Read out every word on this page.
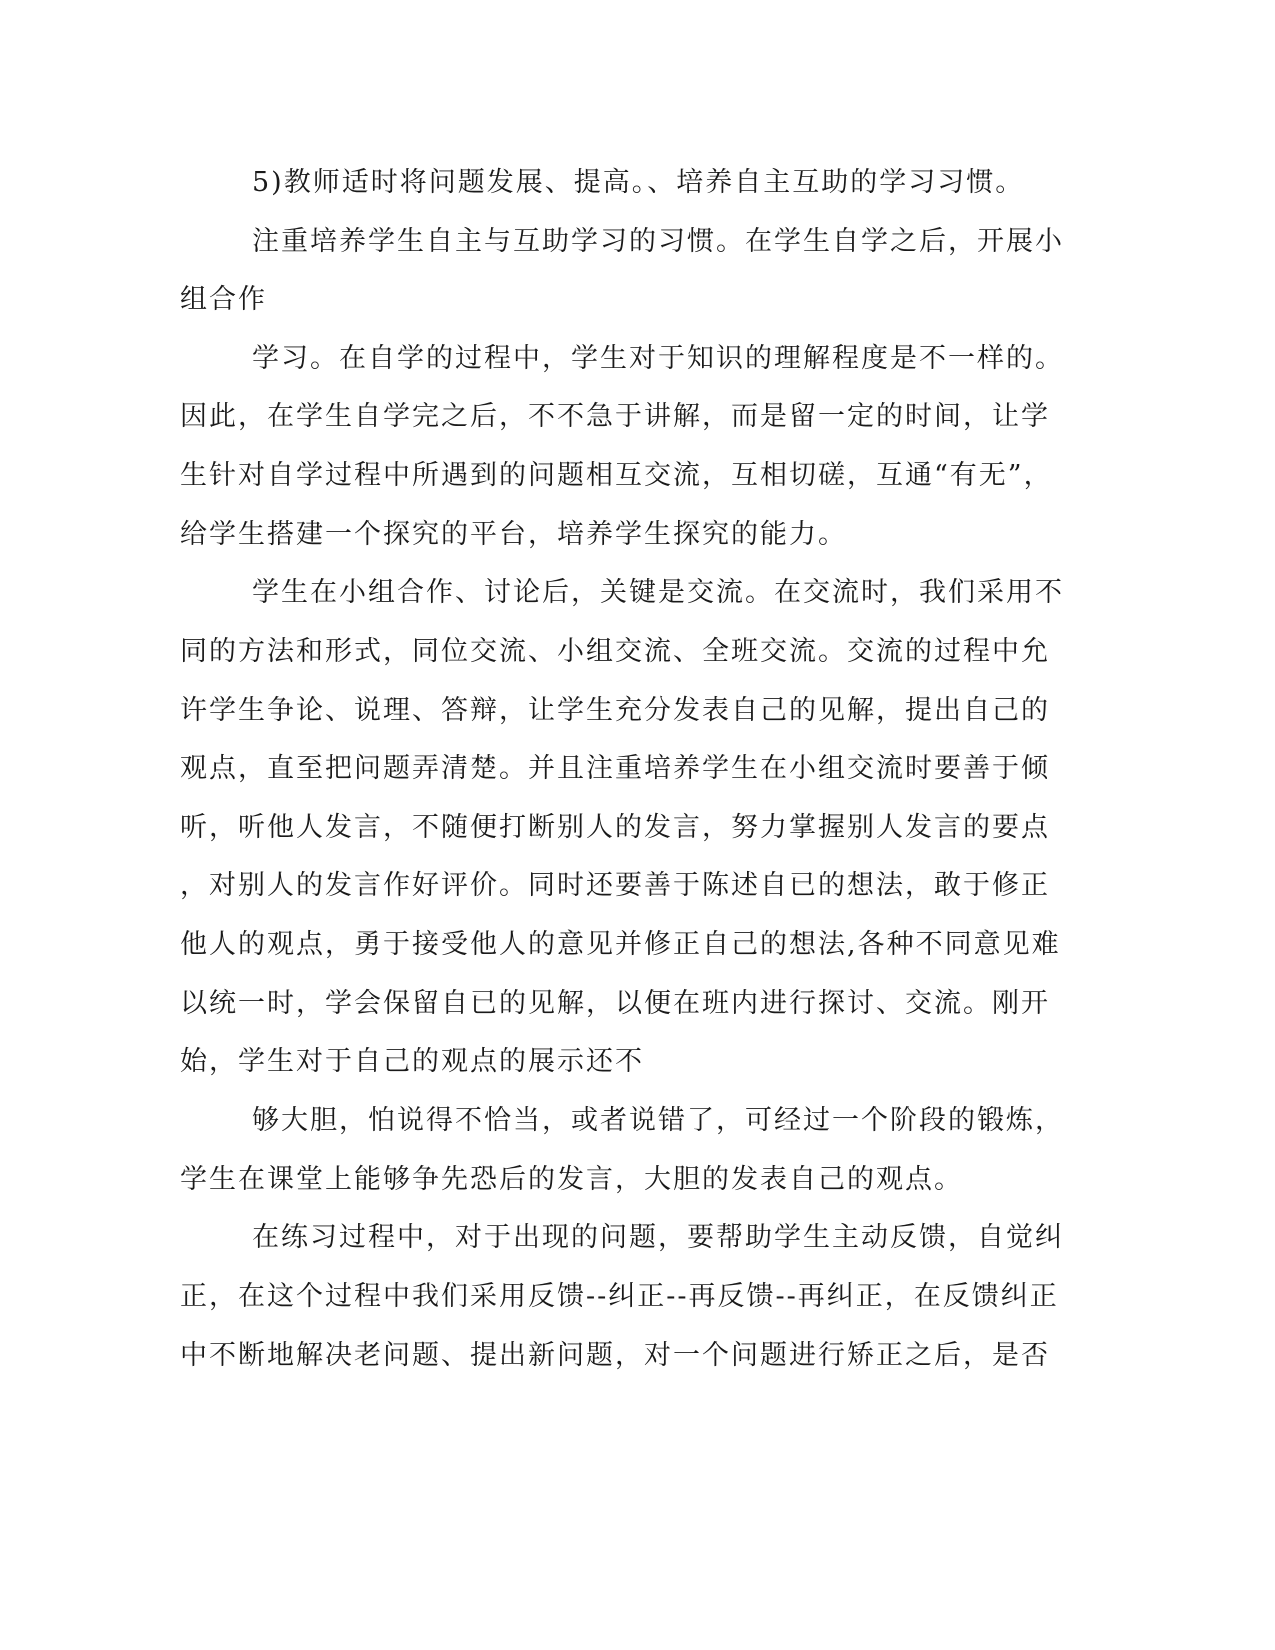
5)教师适时将问题发展、提高。、培养自主互助的学习习惯。
注重培养学生自主与互助学习的习惯。在学生自学之后，开展小
组合作
学习。在自学的过程中，学生对于知识的理解程度是不一样的。
因此，在学生自学完之后，不不急于讲解，而是留一定的时间，让学
生针对自学过程中所遇到的问题相互交流，互相切磋，互通“有无”，
给学生搭建一个探究的平台，培养学生探究的能力。
学生在小组合作、讨论后，关键是交流。在交流时，我们采用不
同的方法和形式，同位交流、小组交流、全班交流。交流的过程中允
许学生争论、说理、答辩，让学生充分发表自己的见解，提出自己的
观点，直至把问题弄清楚。并且注重培养学生在小组交流时要善于倾
听，听他人发言，不随便打断别人的发言，努力掌握别人发言的要点
，对别人的发言作好评价。同时还要善于陈述自已的想法，敢于修正
他人的观点，勇于接受他人的意见并修正自己的想法,各种不同意见难
以统一时，学会保留自已的见解，以便在班内进行探讨、交流。刚开
始，学生对于自己的观点的展示还不
够大胆，怕说得不恰当，或者说错了，可经过一个阶段的锻炼，
学生在课堂上能够争先恐后的发言，大胆的发表自己的观点。
在练习过程中，对于出现的问题，要帮助学生主动反馈，自觉纠
正，在这个过程中我们采用反馈--纠正--再反馈--再纠正，在反馈纠正
中不断地解决老问题、提出新问题，对一个问题进行矫正之后，是否
